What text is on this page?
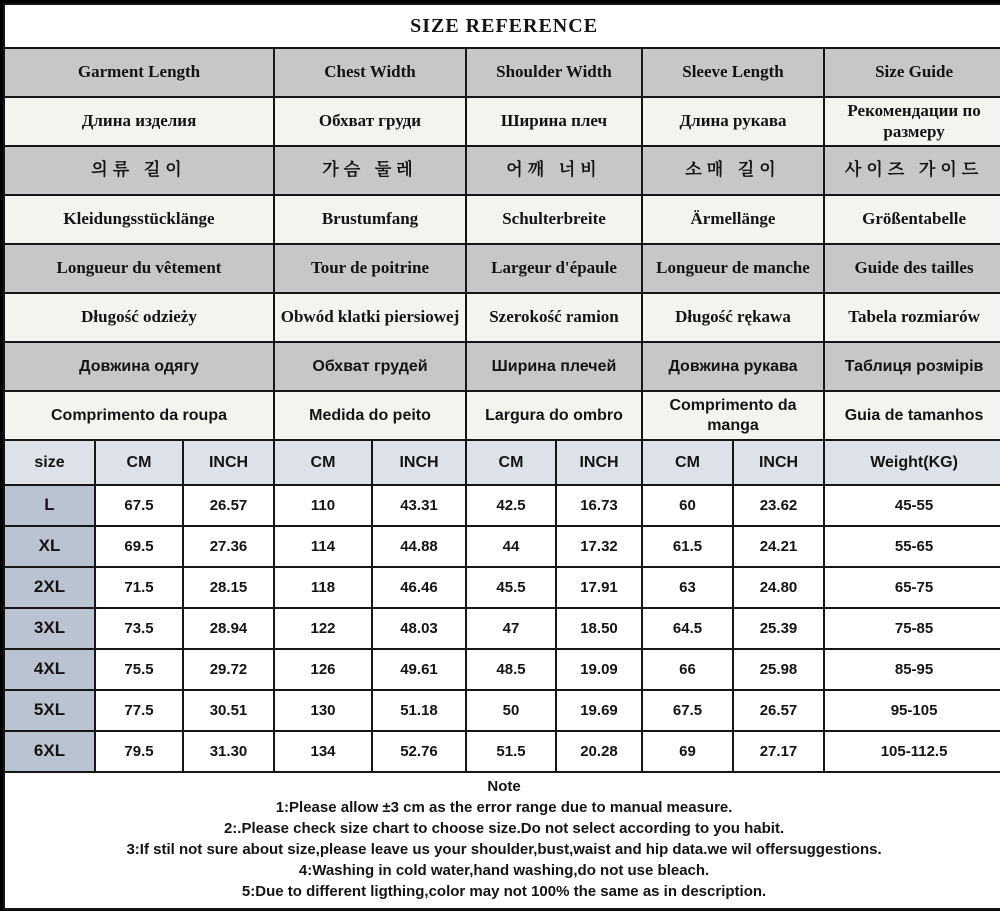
SIZE REFERENCE									
Garment Length			Chest Width		Shoulder Width		Sleeve Length		Size Guide
Длина изделия			Обхват груди		Ширина плеч		Длина рукава		Рекомендации по размеру
의류 길이			가슴 둘레		어깨 너비		소매 길이		사이즈 가이드
Kleidungsstücklänge			Brustumfang		Schulterbreite		Ärmellänge		Größentabelle
Longueur du vêtement			Tour de poitrine		Largeur d'épaule		Longueur de manche		Guide des tailles
Długość odzieży			Obwód klatki piersiowej		Szerokość ramion		Długość rękawa		Tabela rozmiarów
Довжина одягу			Обхват грудей		Ширина плечей		Довжина рукава		Таблиця розмірів
Comprimento da roupa			Medida do peito		Largura do ombro		Comprimento da manga		Guia de tamanhos
size	CM	INCH	CM	INCH	CM	INCH	CM	INCH	Weight(KG)
L	67.5	26.57	110	43.31	42.5	16.73	60	23.62	45-55
XL	69.5	27.36	114	44.88	44	17.32	61.5	24.21	55-65
2XL	71.5	28.15	118	46.46	45.5	17.91	63	24.80	65-75
3XL	73.5	28.94	122	48.03	47	18.50	64.5	25.39	75-85
4XL	75.5	29.72	126	49.61	48.5	19.09	66	25.98	85-95
5XL	77.5	30.51	130	51.18	50	19.69	67.5	26.57	95-105
6XL	79.5	31.30	134	52.76	51.5	20.28	69	27.17	105-112.5

Note
1:Please allow ±3 cm as the error range due to manual measure.
2:.Please check size chart to choose size.Do not select according to you habit.
3:If stil not sure about size,please leave us your shoulder,bust,waist and hip data.we wil offersuggestions.
4:Washing in cold water,hand washing,do not use bleach.
5:Due to different ligthing,color may not 100% the same as in description.
